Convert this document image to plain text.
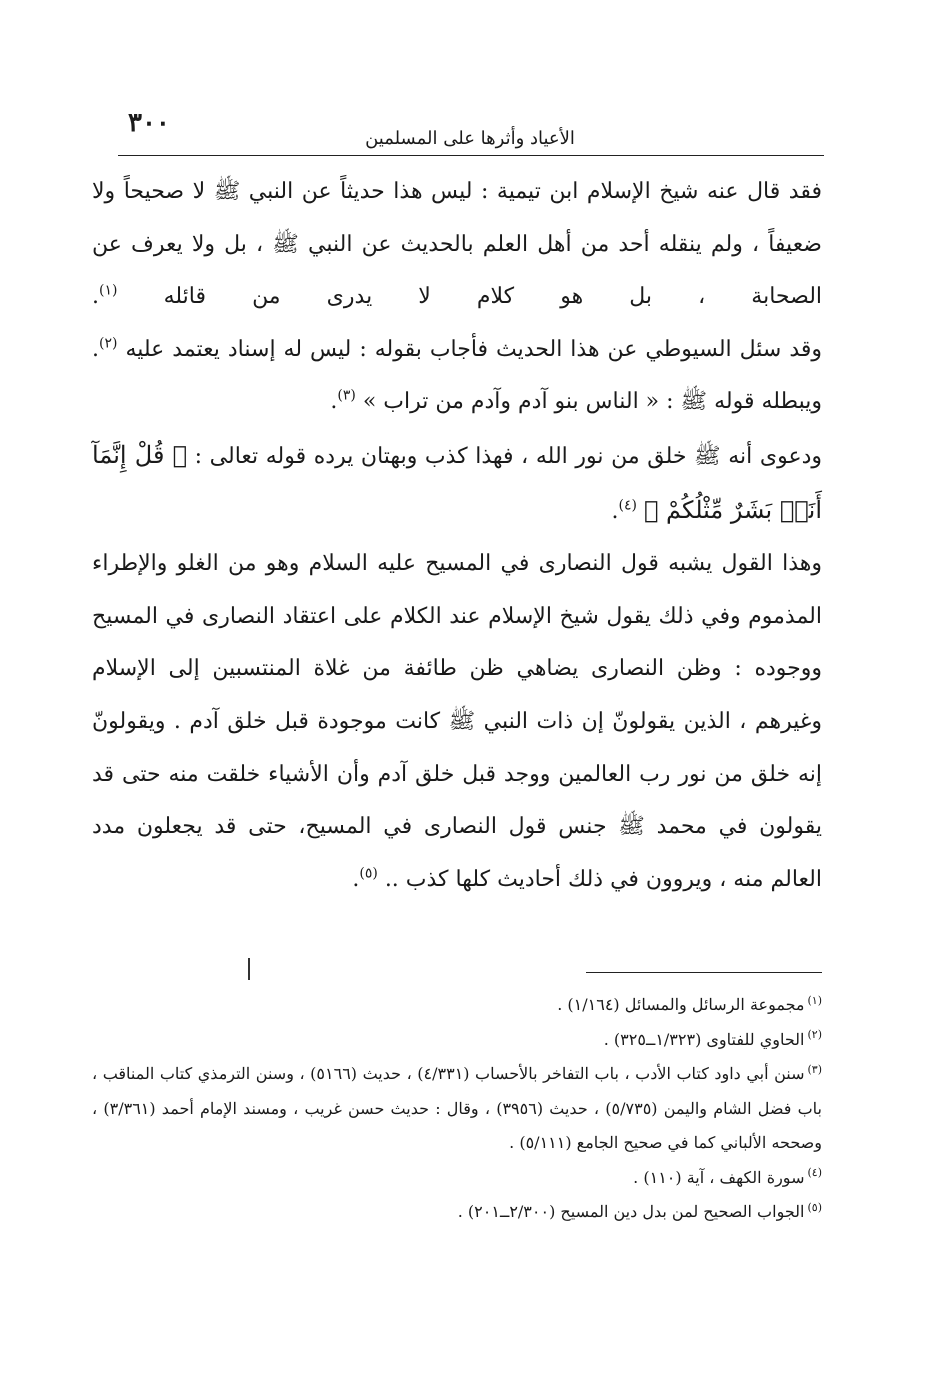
٣٠٠
الأعياد وأثرها على المسلمين

فقد قال عنه شيخ الإسلام ابن تيمية : ليس هذا حديثاً عن النبي ﷺ لا صحيحاً ولا ضعيفاً ، ولم ينقله أحد من أهل العلم بالحديث عن النبي ﷺ ، بل ولا يعرف عن الصحابة ، بل هو كلام لا يدرى من قائله $^{(١)}$.

وقد سئل السيوطي عن هذا الحديث فأجاب بقوله : ليس له إسناد يعتمد عليه $^{(٢)}$. ويبطله قوله ﷺ : « الناس بنو آدم وآدم من تراب » $^{(٣)}$.

ودعوى أنه ﷺ خلق من نور الله ، فهذا كذب وبهتان يرده قوله تعالى : ﴿ قُلْ إِنَّمَآ أَنَا۠ بَشَرٌ مِّثْلُكُمْ ﴾ $^{(٤)}$.

وهذا القول يشبه قول النصارى في المسيح عليه السلام وهو من الغلو والإطراء المذموم وفي ذلك يقول شيخ الإسلام عند الكلام على اعتقاد النصارى في المسيح ووجوده : وظن النصارى يضاهي ظن طائفة من غلاة المنتسبين إلى الإسلام وغيرهم ، الذين يقولونّ إن ذات النبي ﷺ كانت موجودة قبل خلق آدم . ويقولونّ إنه خلق من نور رب العالمين ووجد قبل خلق آدم وأن الأشياء خلقت منه حتى قد يقولون في محمد ﷺ جنس قول النصارى في المسيح، حتى قد يجعلون مدد العالم منه ، ويروون في ذلك أحاديث كلها كذب .. $^{(٥)}$.

$^{(١)}$مجموعة الرسائل والمسائل (١/١٦٤) .

$^{(٢)}$الحاوي للفتاوى (١/٣٢٣ــ٣٢٥) .

$^{(٣)}$سنن أبي داود كتاب الأدب ، باب التفاخر بالأحساب (٤/٣٣١) ، حديث (٥١٦٦) ، وسنن الترمذي كتاب المناقب ، باب فضل الشام واليمن (٥/٧٣٥) ، حديث (٣٩٥٦) ، وقال : حديث حسن غريب ، ومسند الإمام أحمد (٣/٣٦١) ، وصححه الألباني كما في صحيح الجامع (٥/١١١) .

$^{(٤)}$سورة الكهف ، آية (١١٠) .

$^{(٥)}$الجواب الصحيح لمن بدل دين المسيح (٢/٣٠٠ــ٢٠١) .
